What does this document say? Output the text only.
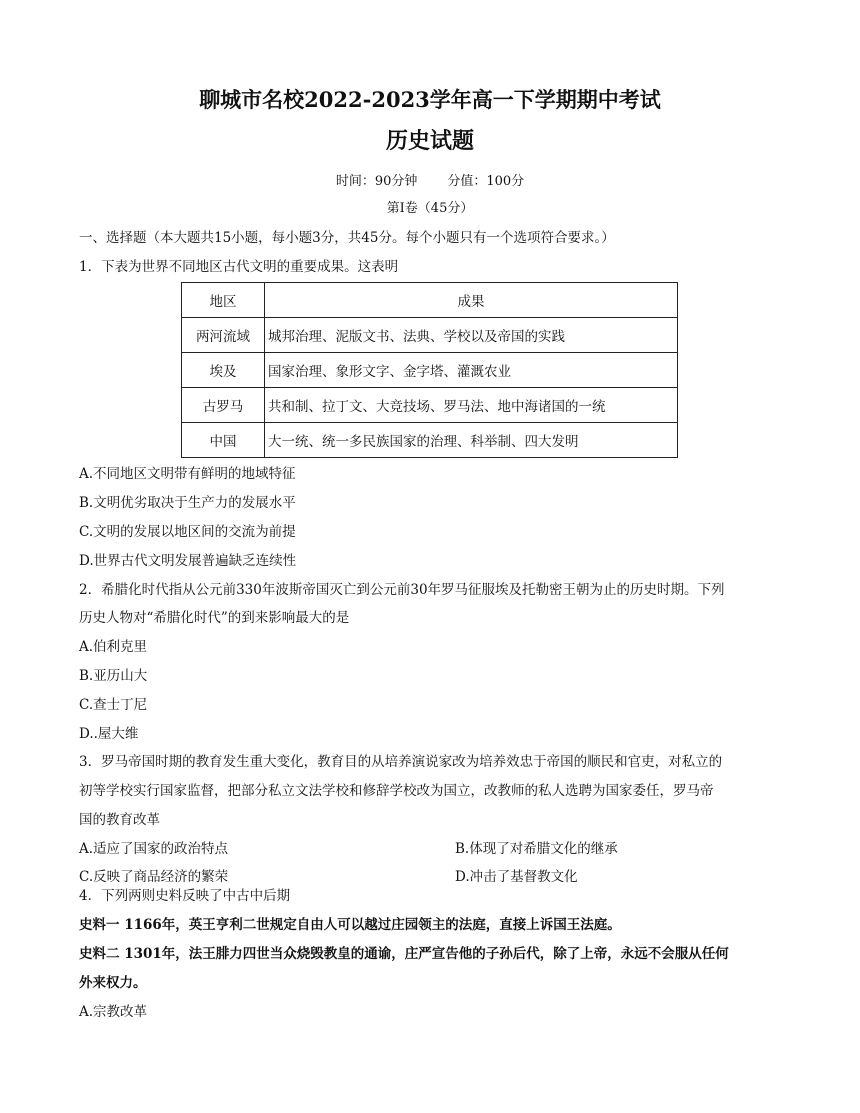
聊城市名校2022-2023学年高一下学期期中考试
历史试题
时间：90分钟 分值：100分
第Ⅰ卷（45分）
一、选择题（本大题共15小题，每小题3分，共45分。每个小题只有一个选项符合要求。）
1．下表为世界不同地区古代文明的重要成果。这表明
地区	成果
两河流域	城邦治理、泥版文书、法典、学校以及帝国的实践
埃及	国家治理、象形文字、金字塔、灌溉农业
古罗马	共和制、拉丁文、大竞技场、罗马法、地中海诸国的一统
中国	大一统、统一多民族国家的治理、科举制、四大发明
A.不同地区文明带有鲜明的地域特征
B.文明优劣取决于生产力的发展水平
C.文明的发展以地区间的交流为前提
D.世界古代文明发展普遍缺乏连续性
2．希腊化时代指从公元前330年波斯帝国灭亡到公元前30年罗马征服埃及托勒密王朝为止的历史时期。下列
历史人物对“希腊化时代”的到来影响最大的是
A.伯利克里
B.亚历山大
C.查士丁尼
D..屋大维
3．罗马帝国时期的教育发生重大变化，教育目的从培养演说家改为培养效忠于帝国的顺民和官吏，对私立的
初等学校实行国家监督，把部分私立文法学校和修辞学校改为国立，改教师的私人选聘为国家委任，罗马帝
国的教育改革
A.适应了国家的政治特点	B.体现了对希腊文化的继承
C.反映了商品经济的繁荣	D.冲击了基督教文化
4．下列两则史料反映了中古中后期
史料一 1166年，英王亨利二世规定自由人可以越过庄园领主的法庭，直接上诉国王法庭。
史料二 1301年，法王腓力四世当众烧毁教皇的通谕，庄严宣告他的子孙后代，除了上帝，永远不会服从任何
外来权力。
A.宗教改革
